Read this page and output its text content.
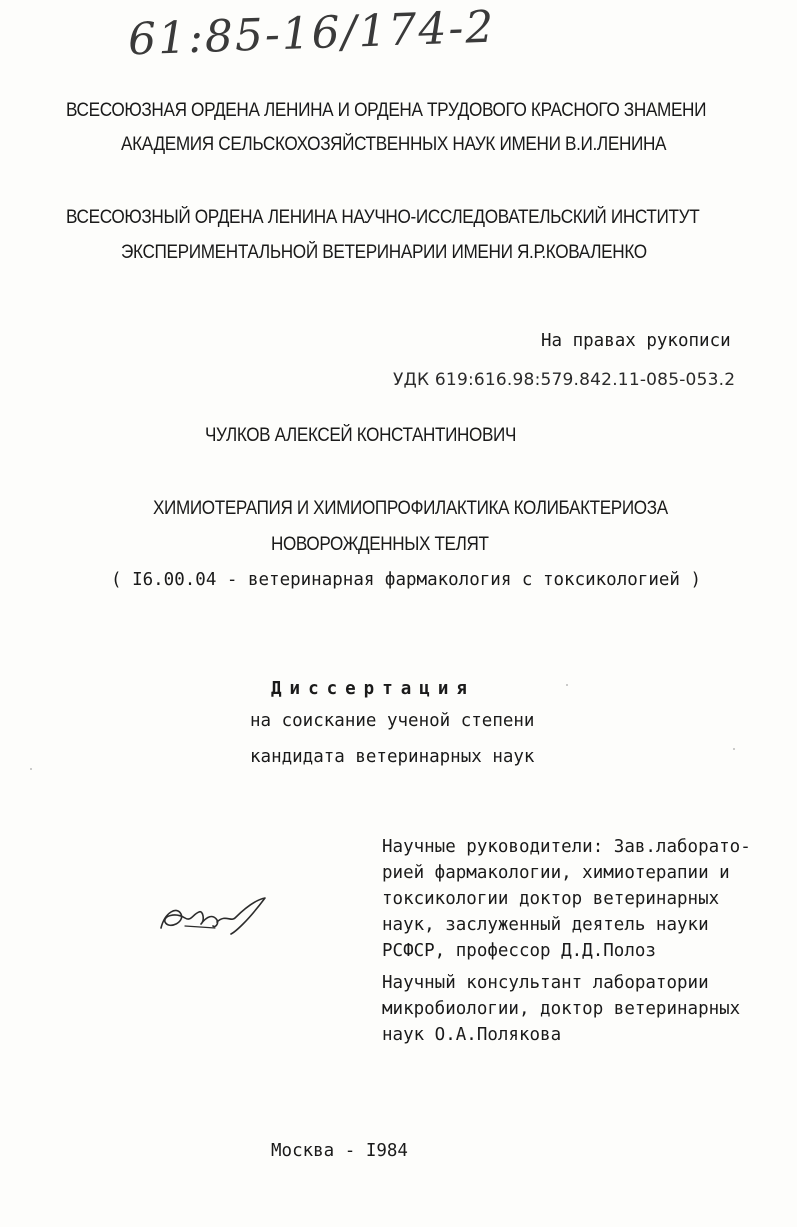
61:85-16/174-2
ВСЕСОЮЗНАЯ ОРДЕНА ЛЕНИНА И ОРДЕНА ТРУДОВОГО КРАСНОГО ЗНАМЕНИ
АКАДЕМИЯ СЕЛЬСКОХОЗЯЙСТВЕННЫХ НАУК ИМЕНИ В.И.ЛЕНИНА
ВСЕСОЮЗНЫЙ ОРДЕНА ЛЕНИНА НАУЧНО-ИССЛЕДОВАТЕЛЬСКИЙ ИНСТИТУТ
ЭКСПЕРИМЕНТАЛЬНОЙ ВЕТЕРИНАРИИ ИМЕНИ Я.Р.КОВАЛЕНКО
На правах рукописи
УДК 619:616.98:579.842.11-085-053.2
ЧУЛКОВ АЛЕКСЕЙ КОНСТАНТИНОВИЧ
ХИМИОТЕРАПИЯ И ХИМИОПРОФИЛАКТИКА КОЛИБАКТЕРИОЗА
НОВОРОЖДЕННЫХ ТЕЛЯТ
( I6.00.04 - ветеринарная фармакология с токсикологией )
Диссертация
на соискание ученой степени
кандидата ветеринарных наук
Научные руководители: Зав.лаборато-
рией фармакологии, химиотерапии и
токсикологии доктор ветеринарных
наук, заслуженный деятель науки
РСФСР, профессор Д.Д.Полоз
Научный консультант лаборатории
микробиологии, доктор ветеринарных
наук О.А.Полякова
Москва - I984
